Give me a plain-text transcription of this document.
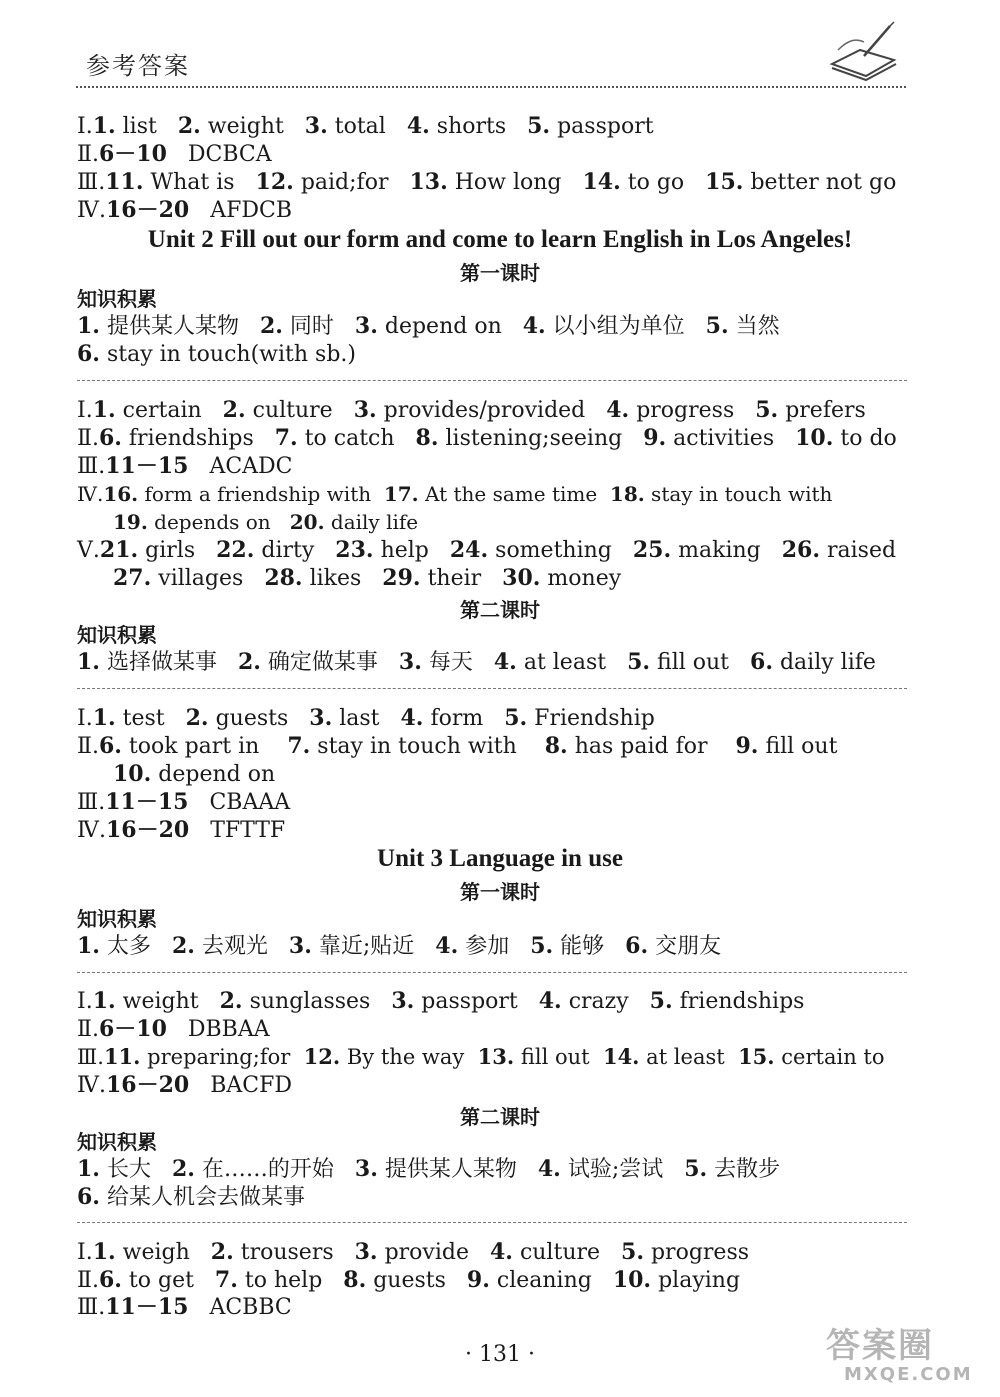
参考答案
Ⅰ.1. list 2. weight 3. total 4. shorts 5. passport
Ⅱ.6－10 DCBCA
Ⅲ.11. What is 12. paid;for 13. How long 14. to go 15. better not go
Ⅳ.16－20 AFDCB
Unit 2 Fill out our form and come to learn English in Los Angeles!
第一课时
知识积累
1. 提供某人某物 2. 同时 3. depend on 4. 以小组为单位 5. 当然
6. stay in touch(with sb.)
Ⅰ.1. certain 2. culture 3. provides/provided 4. progress 5. prefers
Ⅱ.6. friendships 7. to catch 8. listening;seeing 9. activities 10. to do
Ⅲ.11－15 ACADC
Ⅳ.16. form a friendship with 17. At the same time 18. stay in touch with
19. depends on 20. daily life
Ⅴ.21. girls 22. dirty 23. help 24. something 25. making 26. raised
27. villages 28. likes 29. their 30. money
第二课时
知识积累
1. 选择做某事 2. 确定做某事 3. 每天 4. at least 5. fill out 6. daily life
Ⅰ.1. test 2. guests 3. last 4. form 5. Friendship
Ⅱ.6. took part in 7. stay in touch with 8. has paid for 9. fill out
10. depend on
Ⅲ.11－15 CBAAA
Ⅳ.16－20 TFTTF
Unit 3 Language in use
第一课时
知识积累
1. 太多 2. 去观光 3. 靠近;贴近 4. 参加 5. 能够 6. 交朋友
Ⅰ.1. weight 2. sunglasses 3. passport 4. crazy 5. friendships
Ⅱ.6－10 DBBAA
Ⅲ.11. preparing;for 12. By the way 13. fill out 14. at least 15. certain to
Ⅳ.16－20 BACFD
第二课时
知识积累
1. 长大 2. 在……的开始 3. 提供某人某物 4. 试验;尝试 5. 去散步
6. 给某人机会去做某事
Ⅰ.1. weigh 2. trousers 3. provide 4. culture 5. progress
Ⅱ.6. to get 7. to help 8. guests 9. cleaning 10. playing
Ⅲ.11－15 ACBBC
· 131 ·	答案圈
MXQE.COM
